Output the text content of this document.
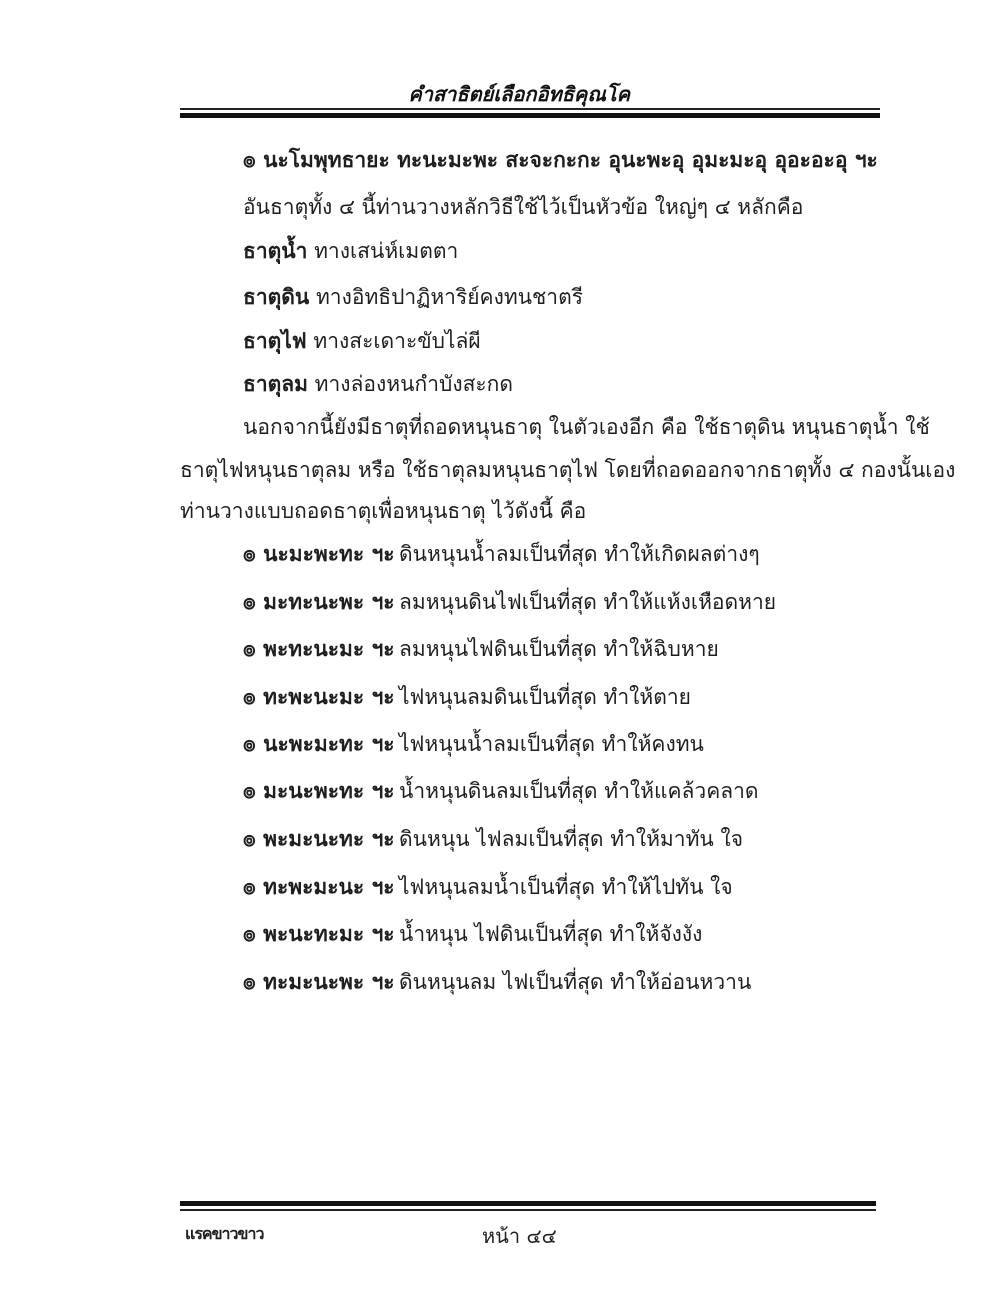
คำสาธิตย์เลือกอิทธิคุณโค
๏ นะโมพุทธายะ ทะนะมะพะ สะจะกะกะ อุนะพะอุ อุมะมะอุ อุอะอะอุ ฯะ
อันธาตุทั้ง ๔ นี้ท่านวางหลักวิธีใช้ไว้เป็นหัวข้อ ใหญ่ๆ ๔ หลักคือ
ธาตุน้ำ ทางเสน่ห์เมตตา
ธาตุดิน ทางอิทธิปาฏิหาริย์คงทนชาตรี
ธาตุไฟ ทางสะเดาะขับไล่ผี
ธาตุลม ทางล่องหนกำบังสะกด
นอกจากนี้ยังมีธาตุที่ถอดหนุนธาตุ ในตัวเองอีก คือ ใช้ธาตุดิน หนุนธาตุน้ำ ใช้
ธาตุไฟหนุนธาตุลม หรือ ใช้ธาตุลมหนุนธาตุไฟ โดยที่ถอดออกจากธาตุทั้ง ๔ กองนั้นเอง
ท่านวางแบบถอดธาตุเพื่อหนุนธาตุ ไว้ดังนี้ คือ
๏ นะมะพะทะ ฯะ ดินหนุนน้ำลมเป็นที่สุด ทำให้เกิดผลต่างๆ
๏ มะทะนะพะ ฯะ ลมหนุนดินไฟเป็นที่สุด ทำให้แห้งเหือดหาย
๏ พะทะนะมะ ฯะ ลมหนุนไฟดินเป็นที่สุด ทำให้ฉิบหาย
๏ ทะพะนะมะ ฯะ ไฟหนุนลมดินเป็นที่สุด ทำให้ตาย
๏ นะพะมะทะ ฯะ ไฟหนุนน้ำลมเป็นที่สุด ทำให้คงทน
๏ มะนะพะทะ ฯะ น้ำหนุนดินลมเป็นที่สุด ทำให้แคล้วคลาด
๏ พะมะนะทะ ฯะ ดินหนุน ไฟลมเป็นที่สุด ทำให้มาทัน ใจ
๏ ทะพะมะนะ ฯะ ไฟหนุนลมน้ำเป็นที่สุด ทำให้ไปทัน ใจ
๏ พะนะทะมะ ฯะ น้ำหนุน ไฟดินเป็นที่สุด ทำให้จังงัง
๏ ทะมะนะพะ ฯะ ดินหนุนลม ไฟเป็นที่สุด ทำให้อ่อนหวาน
แรคขาวขาว	หน้า ๔๔
